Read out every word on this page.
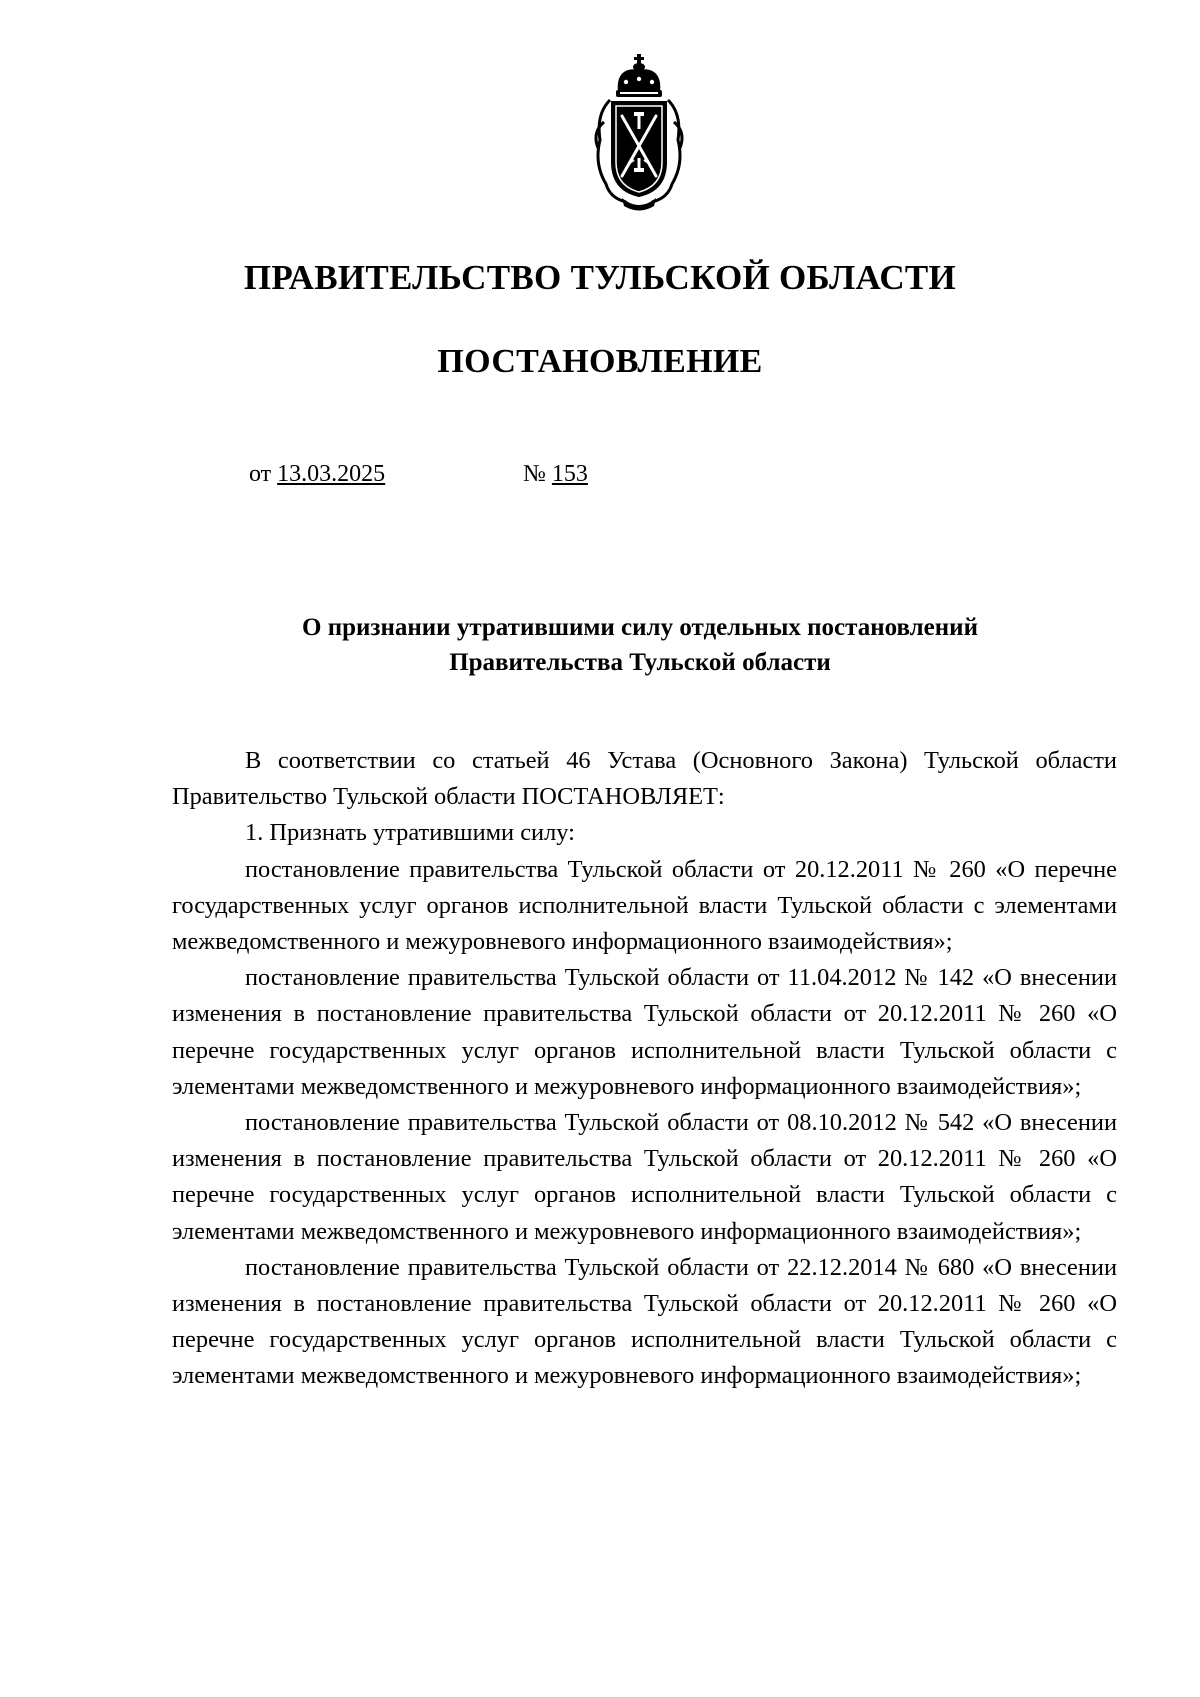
ПРАВИТЕЛЬСТВО ТУЛЬСКОЙ ОБЛАСТИ
ПОСТАНОВЛЕНИЕ
от 13.03.2025	№ 153
О признании утратившими силу отдельных постановлений
Правительства Тульской области

В соответствии со статьей 46 Устава (Основного Закона) Тульской области Правительство Тульской области ПОСТАНОВЛЯЕТ:

1. Признать утратившими силу:

постановление правительства Тульской области от 20.12.2011 № 260 «О перечне государственных услуг органов исполнительной власти Тульской области с элементами межведомственного и межуровневого информационного взаимодействия»;

постановление правительства Тульской области от 11.04.2012 № 142 «О внесении изменения в постановление правительства Тульской области от 20.12.2011 № 260 «О перечне государственных услуг органов исполнительной власти Тульской области с элементами межведомственного и межуровневого информационного взаимодействия»;

постановление правительства Тульской области от 08.10.2012 № 542 «О внесении изменения в постановление правительства Тульской области от 20.12.2011 № 260 «О перечне государственных услуг органов исполнительной власти Тульской области с элементами межведомственного и межуровневого информационного взаимодействия»;

постановление правительства Тульской области от 22.12.2014 № 680 «О внесении изменения в постановление правительства Тульской области от 20.12.2011 № 260 «О перечне государственных услуг органов исполнительной власти Тульской области с элементами межведомственного и межуровневого информационного взаимодействия»;
